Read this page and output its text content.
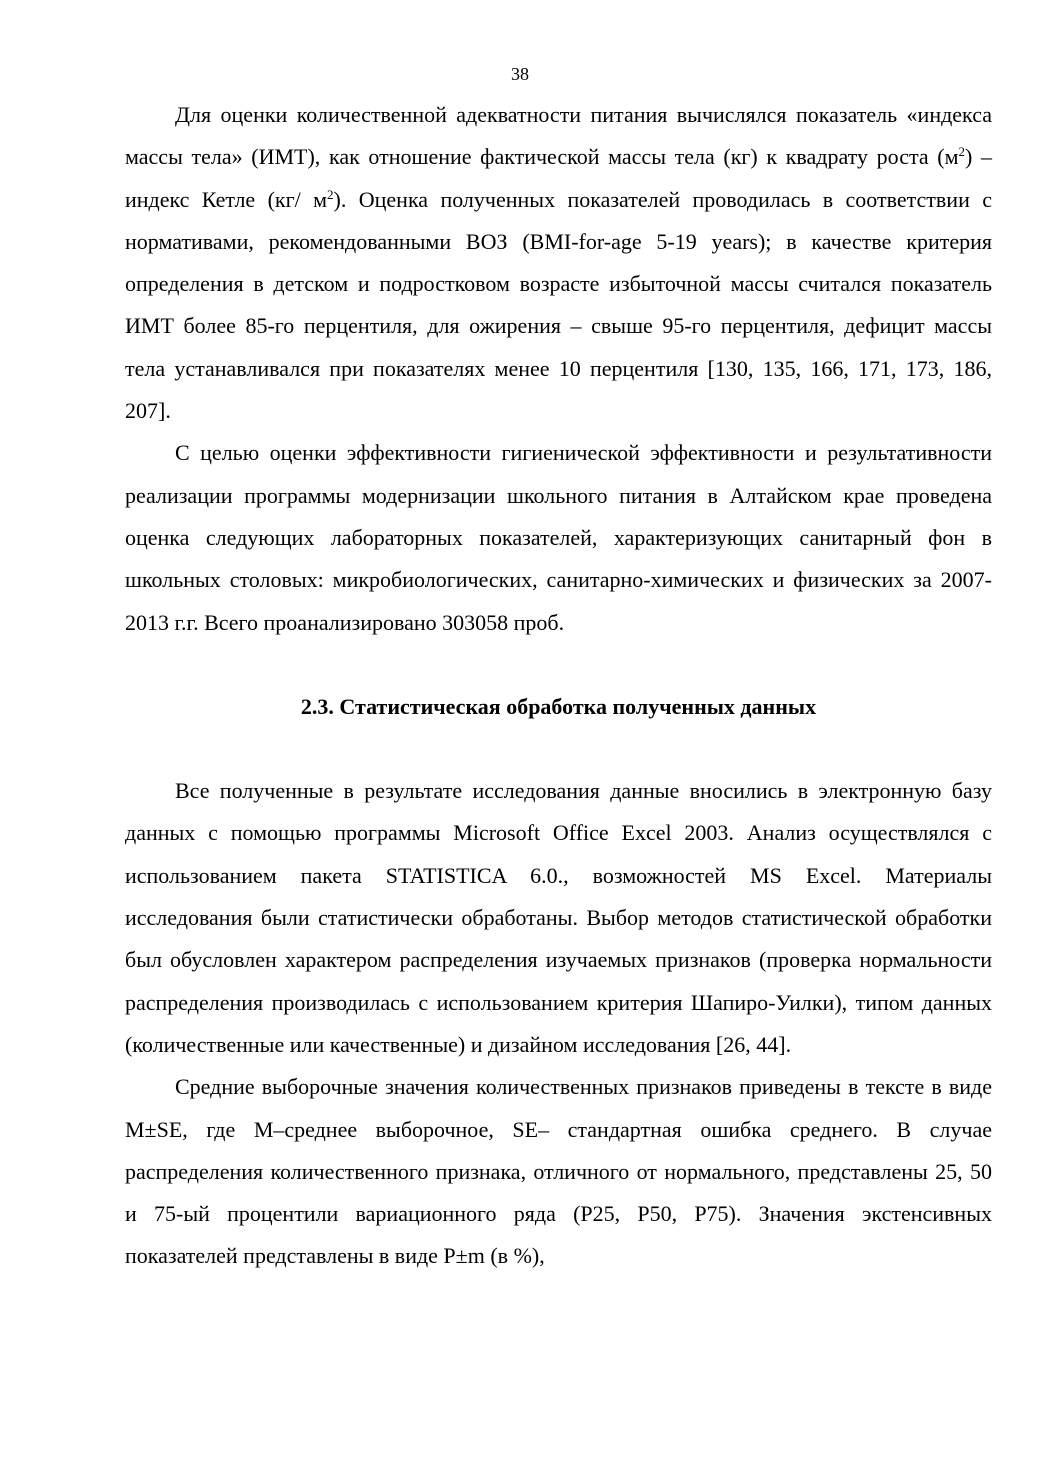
38

Для оценки количественной адекватности питания вычислялся показатель «индекса массы тела» (ИМТ), как отношение фактической массы тела (кг) к квадрату роста $(м^2)$ – индекс Кетле (кг/ $м^2$). Оценка полученных показателей проводилась в соответствии с нормативами, рекомендованными ВОЗ (BMI-for-age 5-19 years); в качестве критерия определения в детском и подростковом возрасте избыточной массы считался показатель ИМТ более 85-го перцентиля, для ожирения – свыше 95-го перцентиля, дефицит массы тела устанавливался при показателях менее 10 перцентиля [130, 135, 166, 171, 173, 186, 207].

С целью оценки эффективности гигиенической эффективности и результативности реализации программы модернизации школьного питания в Алтайском крае проведена оценка следующих лабораторных показателей, характеризующих санитарный фон в школьных столовых: микробиологических, санитарно-химических и физических за 2007-2013 г.г. Всего проанализировано 303058 проб.

2.3. Статистическая обработка полученных данных

Все полученные в результате исследования данные вносились в электронную базу данных с помощью программы Microsoft Office Excel 2003. Анализ осуществлялся с использованием пакета STATISTICA 6.0., возможностей MS Excel. Материалы исследования были статистически обработаны. Выбор методов статистической обработки был обусловлен характером распределения изучаемых признаков (проверка нормальности распределения производилась с использованием критерия Шапиро-Уилки), типом данных (количественные или качественные) и дизайном исследования [26, 44].

Средние выборочные значения количественных признаков приведены в тексте в виде M±SE, где M–среднее выборочное, SE– стандартная ошибка среднего. В случае распределения количественного признака, отличного от нормального, представлены 25, 50 и 75-ый процентили вариационного ряда (P25, P50, P75). Значения экстенсивных показателей представлены в виде P±m (в %),
